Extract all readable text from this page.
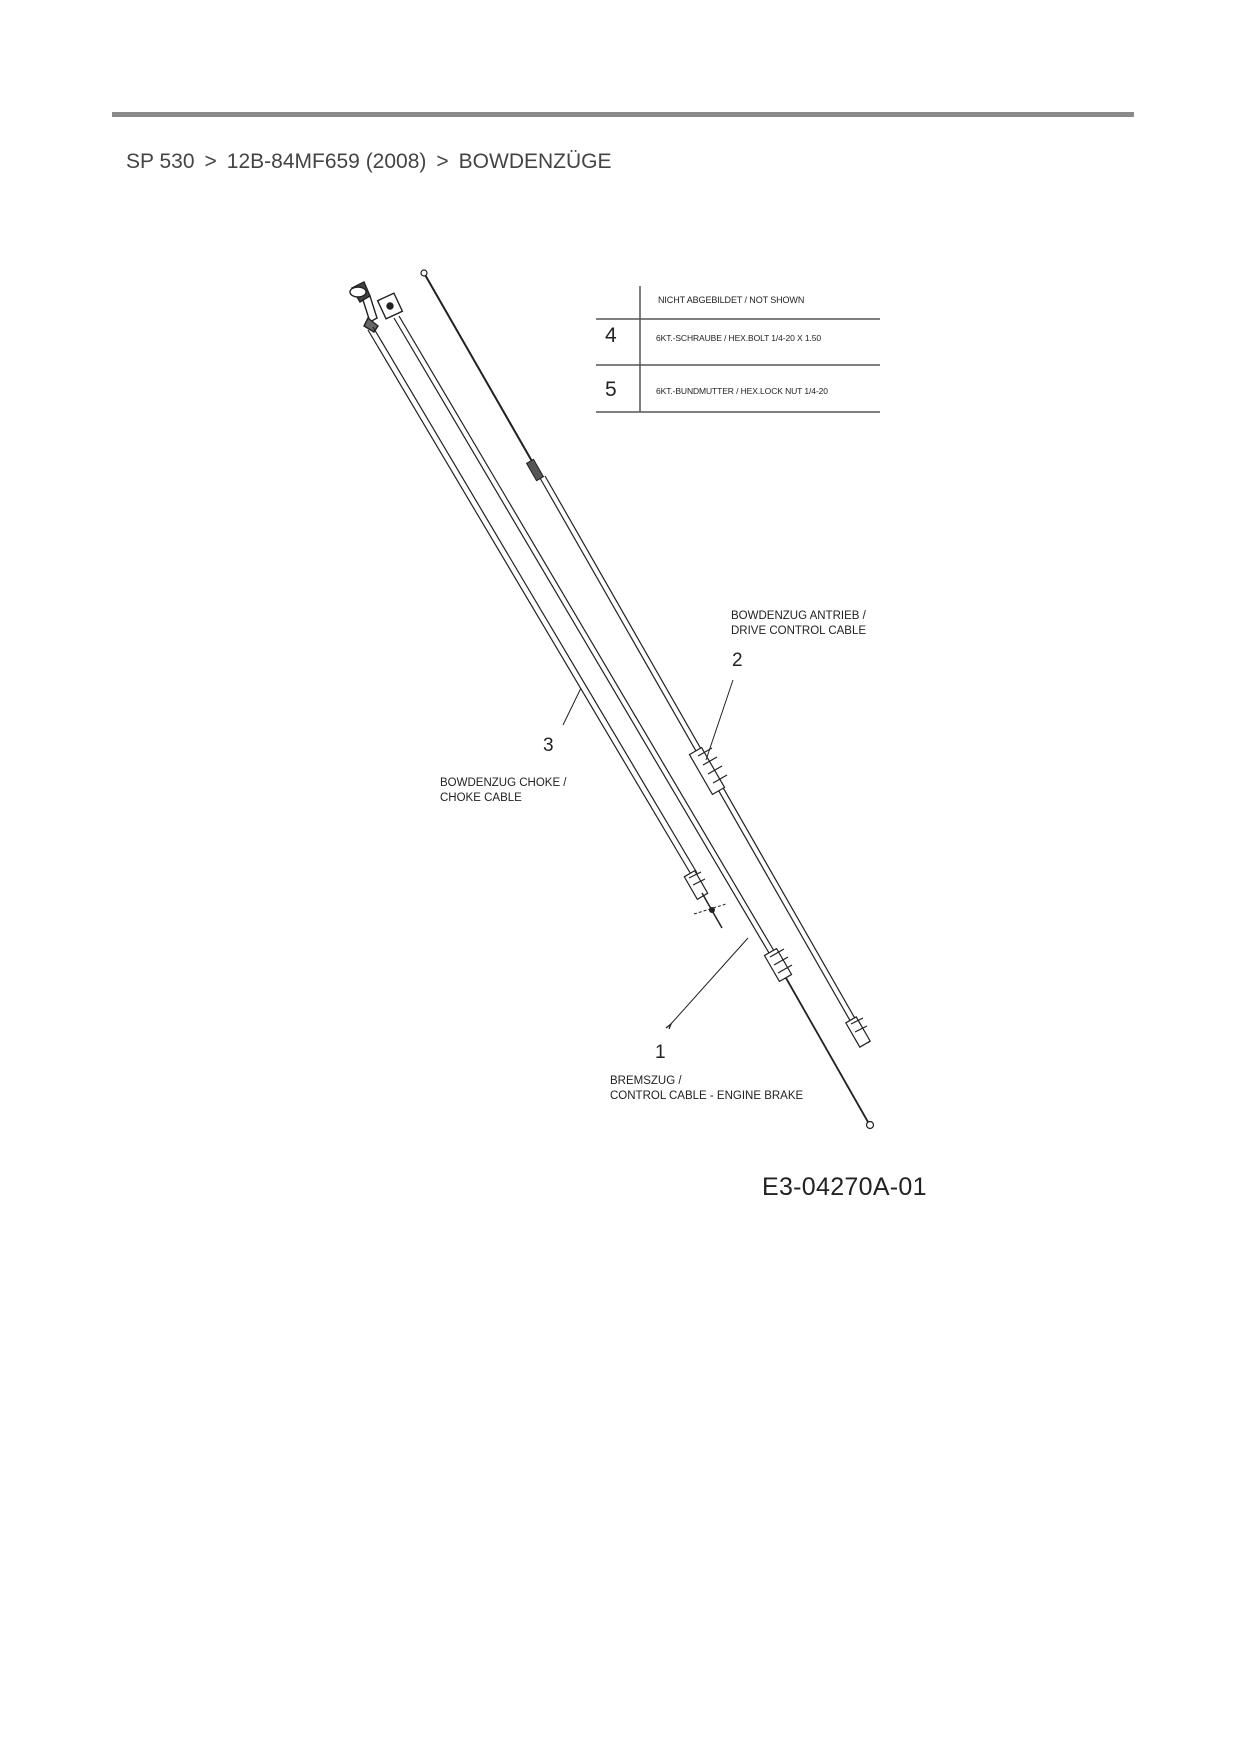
SP 530 > 12B-84MF659 (2008) > BOWDENZÜGE
NICHT ABGEBILDET / NOT SHOWN
4	6KT.-SCHRAUBE / HEX.BOLT 1/4-20 X 1.50
5	6KT.-BUNDMUTTER / HEX.LOCK NUT 1/4-20
BOWDENZUG ANTRIEB /
DRIVE CONTROL CABLE
2
3
BOWDENZUG CHOKE /
CHOKE CABLE
1
BREMSZUG /
CONTROL CABLE - ENGINE BRAKE
E3-04270A-01
